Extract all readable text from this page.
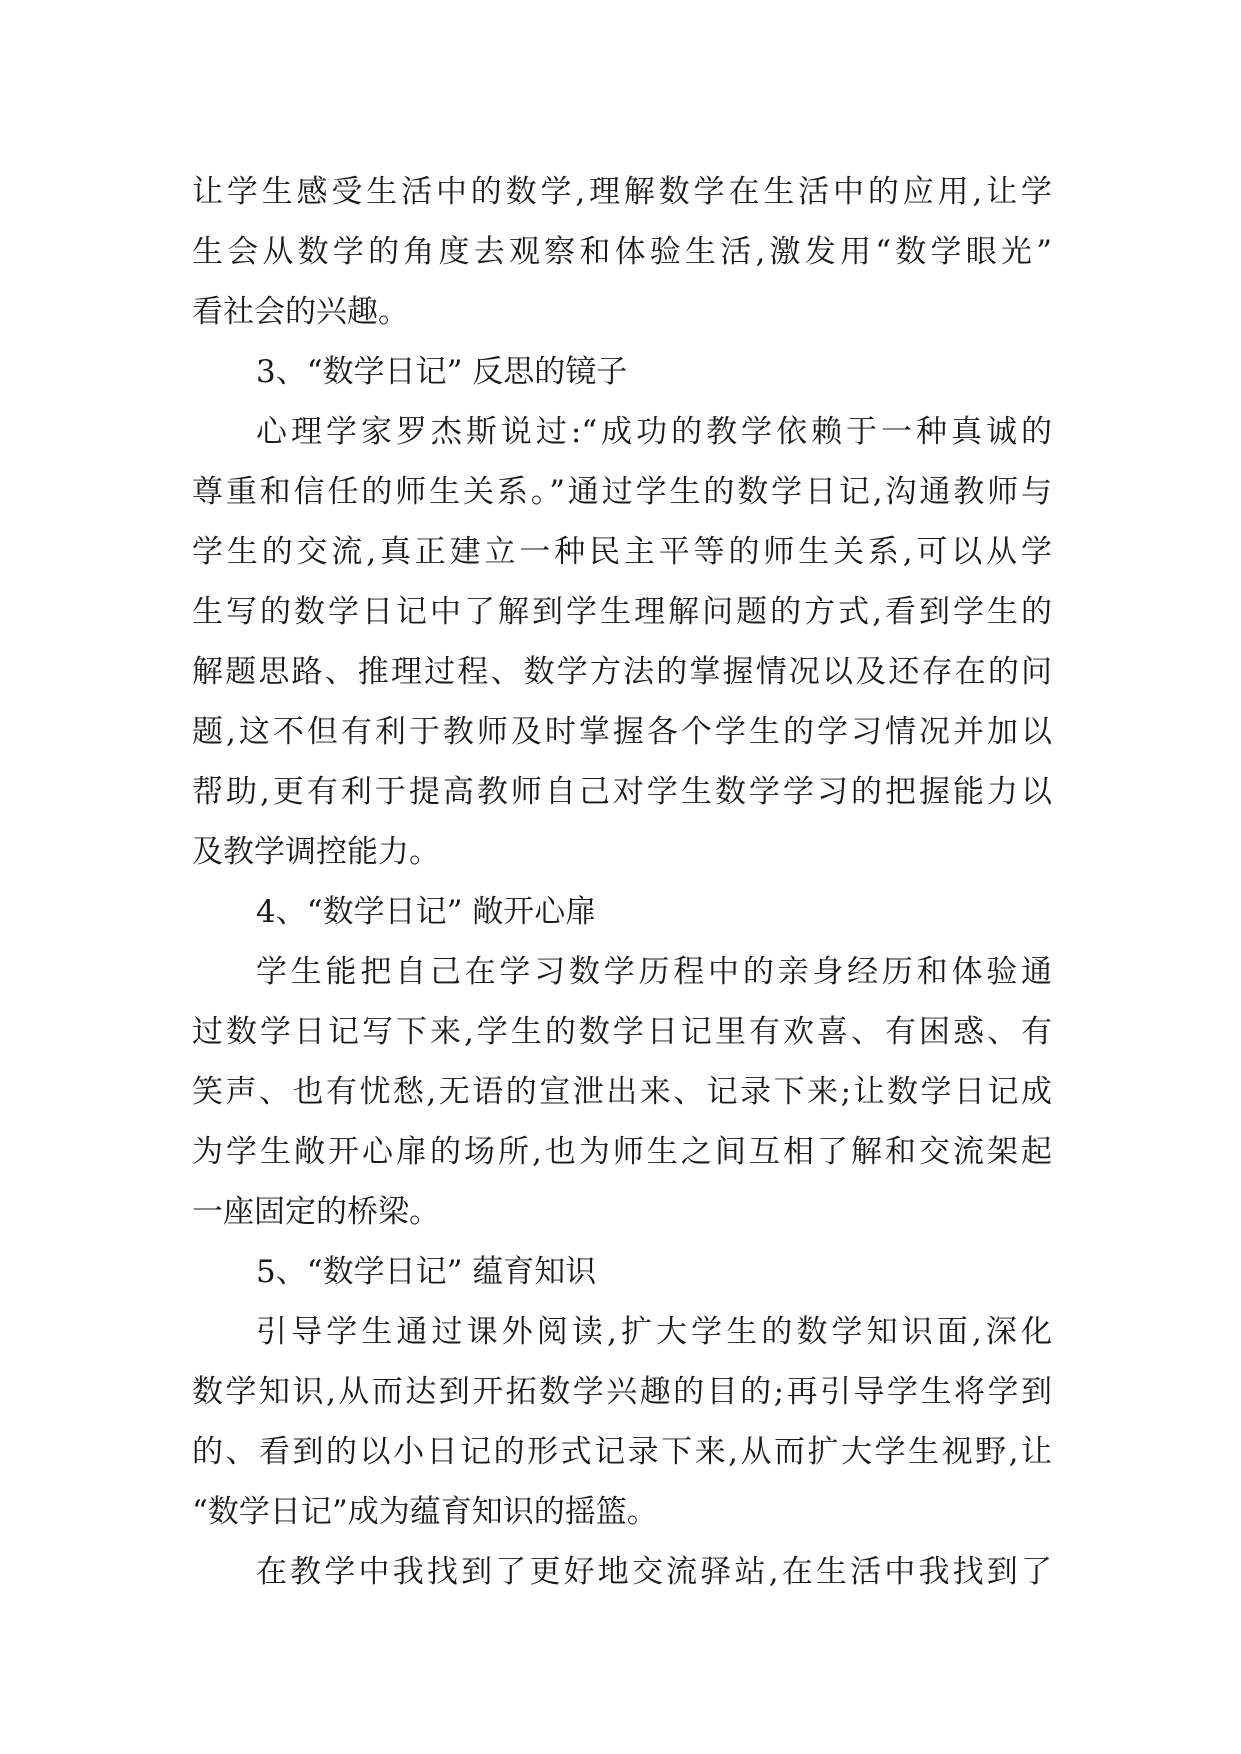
让学生感受生活中的数学,理解数学在生活中的应用,让学
生会从数学的角度去观察和体验生活,激发用“数学眼光”
看社会的兴趣。
3、“数学日记” 反思的镜子
心理学家罗杰斯说过:“成功的教学依赖于一种真诚的
尊重和信任的师生关系。”通过学生的数学日记,沟通教师与
学生的交流,真正建立一种民主平等的师生关系,可以从学
生写的数学日记中了解到学生理解问题的方式,看到学生的
解题思路、推理过程、数学方法的掌握情况以及还存在的问
题,这不但有利于教师及时掌握各个学生的学习情况并加以
帮助,更有利于提高教师自己对学生数学学习的把握能力以
及教学调控能力。
4、“数学日记” 敞开心扉
学生能把自己在学习数学历程中的亲身经历和体验通
过数学日记写下来,学生的数学日记里有欢喜、有困惑、有
笑声、也有忧愁,无语的宣泄出来、记录下来;让数学日记成
为学生敞开心扉的场所,也为师生之间互相了解和交流架起
一座固定的桥梁。
5、“数学日记” 蕴育知识
引导学生通过课外阅读,扩大学生的数学知识面,深化
数学知识,从而达到开拓数学兴趣的目的;再引导学生将学到
的、看到的以小日记的形式记录下来,从而扩大学生视野,让
“数学日记”成为蕴育知识的摇篮。
在教学中我找到了更好地交流驿站,在生活中我找到了
